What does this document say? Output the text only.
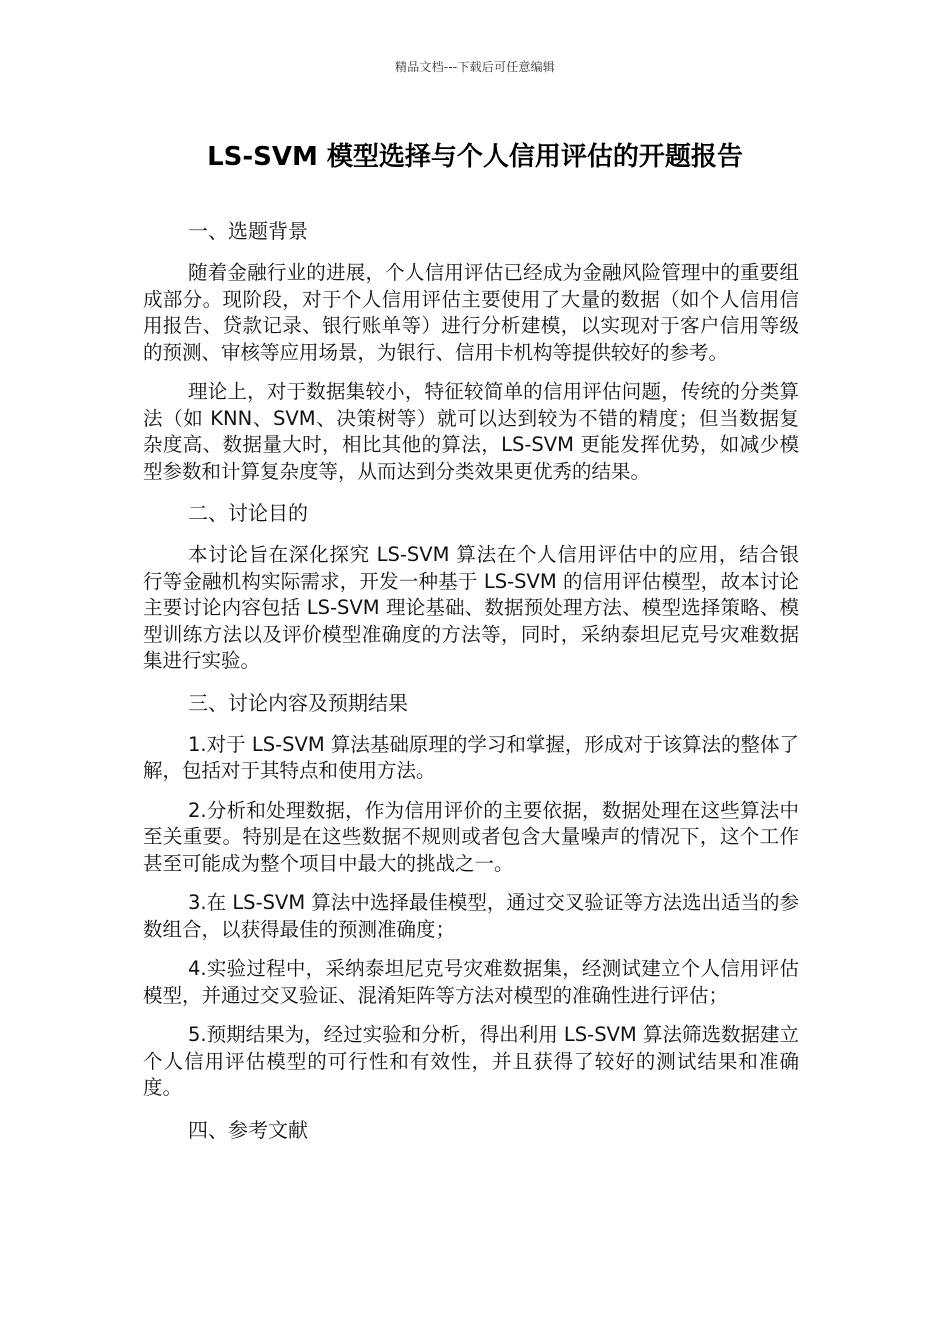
精品文档---下载后可任意编辑
LS-SVM 模型选择与个人信用评估的开题报告
一、选题背景

随着金融行业的进展，个人信用评估已经成为金融风险管理中的重要组成部分。现阶段，对于个人信用评估主要使用了大量的数据（如个人信用信用报告、贷款记录、银行账单等）进行分析建模，以实现对于客户信用等级的预测、审核等应用场景，为银行、信用卡机构等提供较好的参考。

理论上，对于数据集较小，特征较简单的信用评估问题，传统的分类算法（如 KNN、SVM、决策树等）就可以达到较为不错的精度；但当数据复杂度高、数据量大时，相比其他的算法，LS-SVM 更能发挥优势，如减少模型参数和计算复杂度等，从而达到分类效果更优秀的结果。

二、讨论目的

本讨论旨在深化探究 LS-SVM 算法在个人信用评估中的应用，结合银行等金融机构实际需求，开发一种基于 LS-SVM 的信用评估模型，故本讨论主要讨论内容包括 LS-SVM 理论基础、数据预处理方法、模型选择策略、模型训练方法以及评价模型准确度的方法等，同时，采纳泰坦尼克号灾难数据集进行实验。

三、讨论内容及预期结果

1.对于 LS-SVM 算法基础原理的学习和掌握，形成对于该算法的整体了解，包括对于其特点和使用方法。

2.分析和处理数据，作为信用评价的主要依据，数据处理在这些算法中至关重要。特别是在这些数据不规则或者包含大量噪声的情况下，这个工作甚至可能成为整个项目中最大的挑战之一。

3.在 LS-SVM 算法中选择最佳模型，通过交叉验证等方法选出适当的参数组合，以获得最佳的预测准确度；

4.实验过程中，采纳泰坦尼克号灾难数据集，经测试建立个人信用评估模型，并通过交叉验证、混淆矩阵等方法对模型的准确性进行评估；

5.预期结果为，经过实验和分析，得出利用 LS-SVM 算法筛选数据建立个人信用评估模型的可行性和有效性，并且获得了较好的测试结果和准确度。

四、参考文献
